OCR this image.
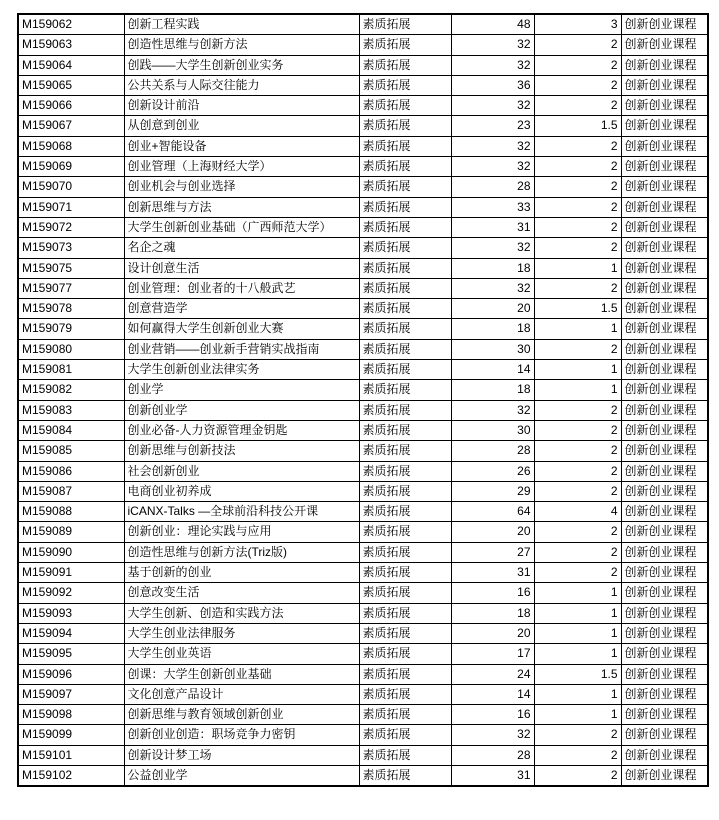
M159062	创新工程实践	素质拓展	48	3	创新创业课程
M159063	创造性思维与创新方法	素质拓展	32	2	创新创业课程
M159064	创践——大学生创新创业实务	素质拓展	32	2	创新创业课程
M159065	公共关系与人际交往能力	素质拓展	36	2	创新创业课程
M159066	创新设计前沿	素质拓展	32	2	创新创业课程
M159067	从创意到创业	素质拓展	23	1.5	创新创业课程
M159068	创业+智能设备	素质拓展	32	2	创新创业课程
M159069	创业管理（上海财经大学）	素质拓展	32	2	创新创业课程
M159070	创业机会与创业选择	素质拓展	28	2	创新创业课程
M159071	创新思维与方法	素质拓展	33	2	创新创业课程
M159072	大学生创新创业基础（广西师范大学）	素质拓展	31	2	创新创业课程
M159073	名企之魂	素质拓展	32	2	创新创业课程
M159075	设计创意生活	素质拓展	18	1	创新创业课程
M159077	创业管理：创业者的十八般武艺	素质拓展	32	2	创新创业课程
M159078	创意营造学	素质拓展	20	1.5	创新创业课程
M159079	如何赢得大学生创新创业大赛	素质拓展	18	1	创新创业课程
M159080	创业营销——创业新手营销实战指南	素质拓展	30	2	创新创业课程
M159081	大学生创新创业法律实务	素质拓展	14	1	创新创业课程
M159082	创业学	素质拓展	18	1	创新创业课程
M159083	创新创业学	素质拓展	32	2	创新创业课程
M159084	创业必备-人力资源管理金钥匙	素质拓展	30	2	创新创业课程
M159085	创新思维与创新技法	素质拓展	28	2	创新创业课程
M159086	社会创新创业	素质拓展	26	2	创新创业课程
M159087	电商创业初养成	素质拓展	29	2	创新创业课程
M159088	iCANX-Talks —全球前沿科技公开课	素质拓展	64	4	创新创业课程
M159089	创新创业：理论实践与应用	素质拓展	20	2	创新创业课程
M159090	创造性思维与创新方法(Triz版)	素质拓展	27	2	创新创业课程
M159091	基于创新的创业	素质拓展	31	2	创新创业课程
M159092	创意改变生活	素质拓展	16	1	创新创业课程
M159093	大学生创新、创造和实践方法	素质拓展	18	1	创新创业课程
M159094	大学生创业法律服务	素质拓展	20	1	创新创业课程
M159095	大学生创业英语	素质拓展	17	1	创新创业课程
M159096	创课：大学生创新创业基础	素质拓展	24	1.5	创新创业课程
M159097	文化创意产品设计	素质拓展	14	1	创新创业课程
M159098	创新思维与教育领域创新创业	素质拓展	16	1	创新创业课程
M159099	创新创业创造：职场竞争力密钥	素质拓展	32	2	创新创业课程
M159101	创新设计梦工场	素质拓展	28	2	创新创业课程
M159102	公益创业学	素质拓展	31	2	创新创业课程
